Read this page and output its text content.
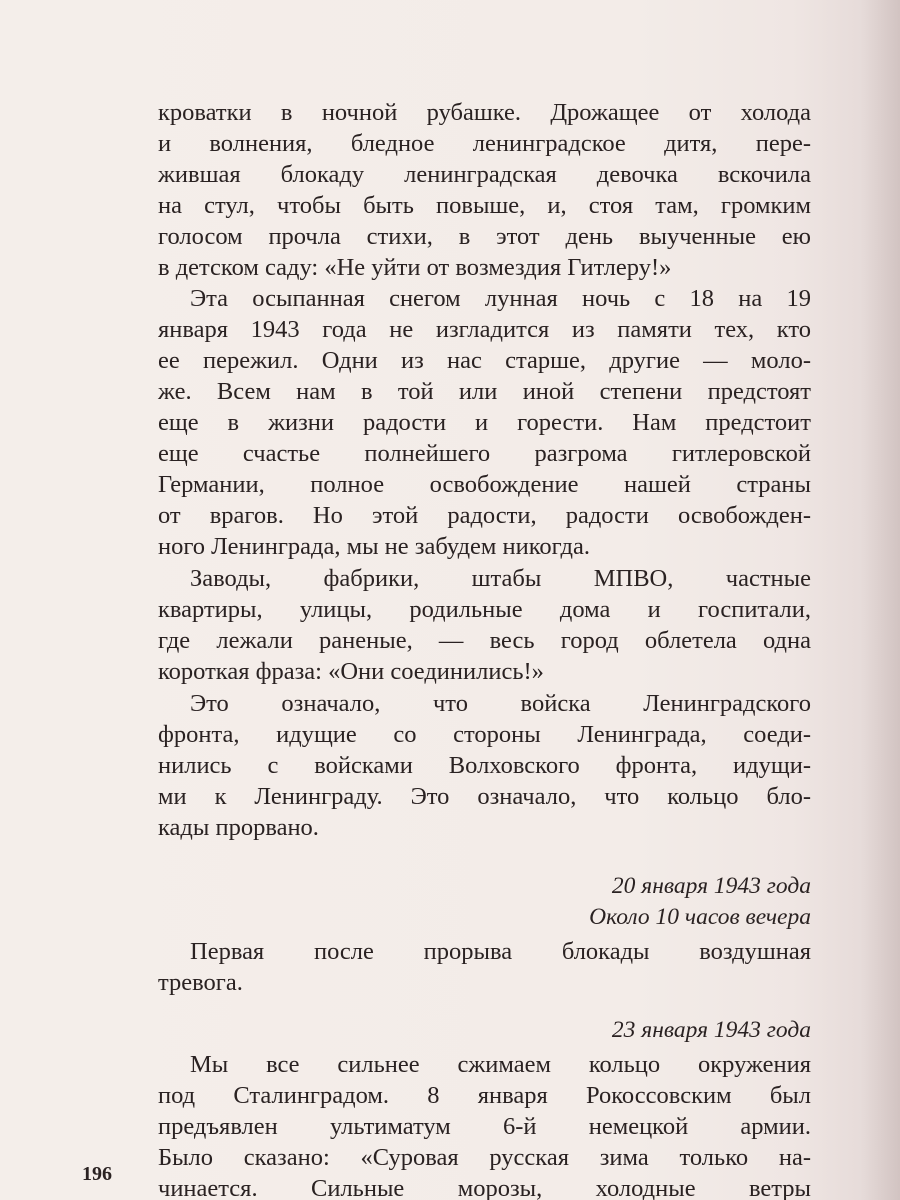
кроватки в ночной рубашке. Дрожащее от холода
и волнения, бледное ленинградское дитя, пере-
жившая блокаду ленинградская девочка вскочила
на стул, чтобы быть повыше, и, стоя там, громким
голосом прочла стихи, в этот день выученные ею
в детском саду: «Не уйти от возмездия Гитлеру!»
Эта осыпанная снегом лунная ночь с 18 на 19
января 1943 года не изгладится из памяти тех, кто
ее пережил. Одни из нас старше, другие — моло-
же. Всем нам в той или иной степени предстоят
еще в жизни радости и горести. Нам предстоит
еще счастье полнейшего разгрома гитлеровской
Германии, полное освобождение нашей страны
от врагов. Но этой радости, радости освобожден-
ного Ленинграда, мы не забудем никогда.
Заводы, фабрики, штабы МПВО, частные
квартиры, улицы, родильные дома и госпитали,
где лежали раненые, — весь город облетела одна
короткая фраза: «Они соединились!»
Это означало, что войска Ленинградского
фронта, идущие со стороны Ленинграда, соеди-
нились с войсками Волховского фронта, идущи-
ми к Ленинграду. Это означало, что кольцо бло-
кады прорвано.
20 января 1943 года
Около 10 часов вечера
Первая после прорыва блокады воздушная
тревога.
23 января 1943 года
Мы все сильнее сжимаем кольцо окружения
под Сталинградом. 8 января Рокоссовским был
предъявлен ультиматум 6-й немецкой армии.
Было сказано: «Суровая русская зима только на-
чинается. Сильные морозы, холодные ветры
196
